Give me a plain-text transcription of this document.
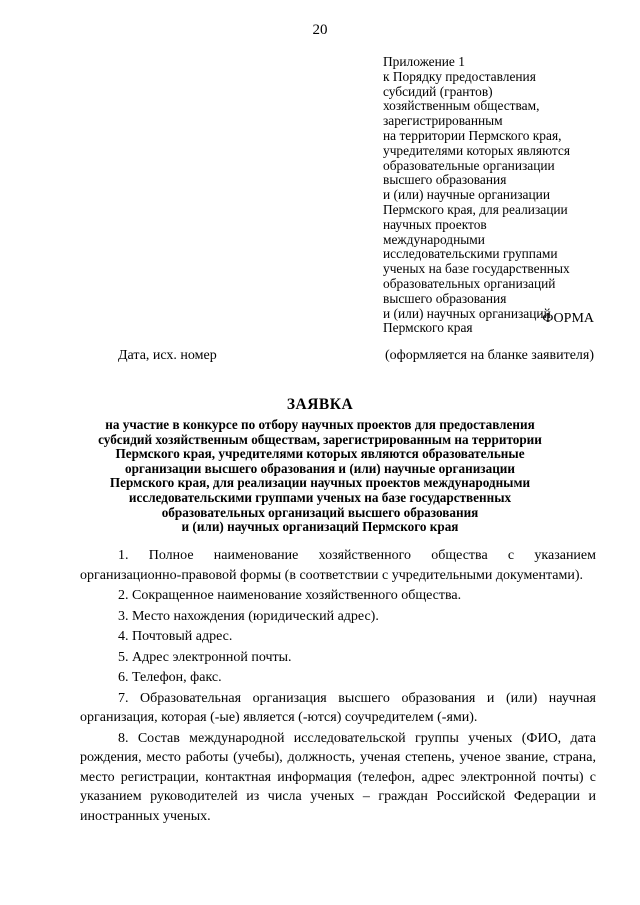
20
Приложение 1
к Порядку предоставления
субсидий (грантов)
хозяйственным обществам,
зарегистрированным
на территории Пермского края,
учредителями которых являются
образовательные организации
высшего образования
и (или) научные организации
Пермского края, для реализации
научных проектов
международными
исследовательскими группами
ученых на базе государственных
образовательных организаций
высшего образования
и (или) научных организаций
Пермского края
ФОРМА
Дата, исх. номер	(оформляется на бланке заявителя)
ЗАЯВКА
на участие в конкурсе по отбору научных проектов для предоставления
субсидий хозяйственным обществам, зарегистрированным на территории
Пермского края, учредителями которых являются образовательные
организации высшего образования и (или) научные организации
Пермского края, для реализации научных проектов международными
исследовательскими группами ученых на базе государственных
образовательных организаций высшего образования
и (или) научных организаций Пермского края
1. Полное наименование хозяйственного общества с указанием организационно-правовой формы (в соответствии с учредительными документами).
2. Сокращенное наименование хозяйственного общества.
3. Место нахождения (юридический адрес).
4. Почтовый адрес.
5. Адрес электронной почты.
6. Телефон, факс.
7. Образовательная организация высшего образования и (или) научная организация, которая (-ые) является (-ются) соучредителем (-ями).
8. Состав международной исследовательской группы ученых (ФИО, дата рождения, место работы (учебы), должность, ученая степень, ученое звание, страна, место регистрации, контактная информация (телефон, адрес электронной почты) с указанием руководителей из числа ученых – граждан Российской Федерации и иностранных ученых.
